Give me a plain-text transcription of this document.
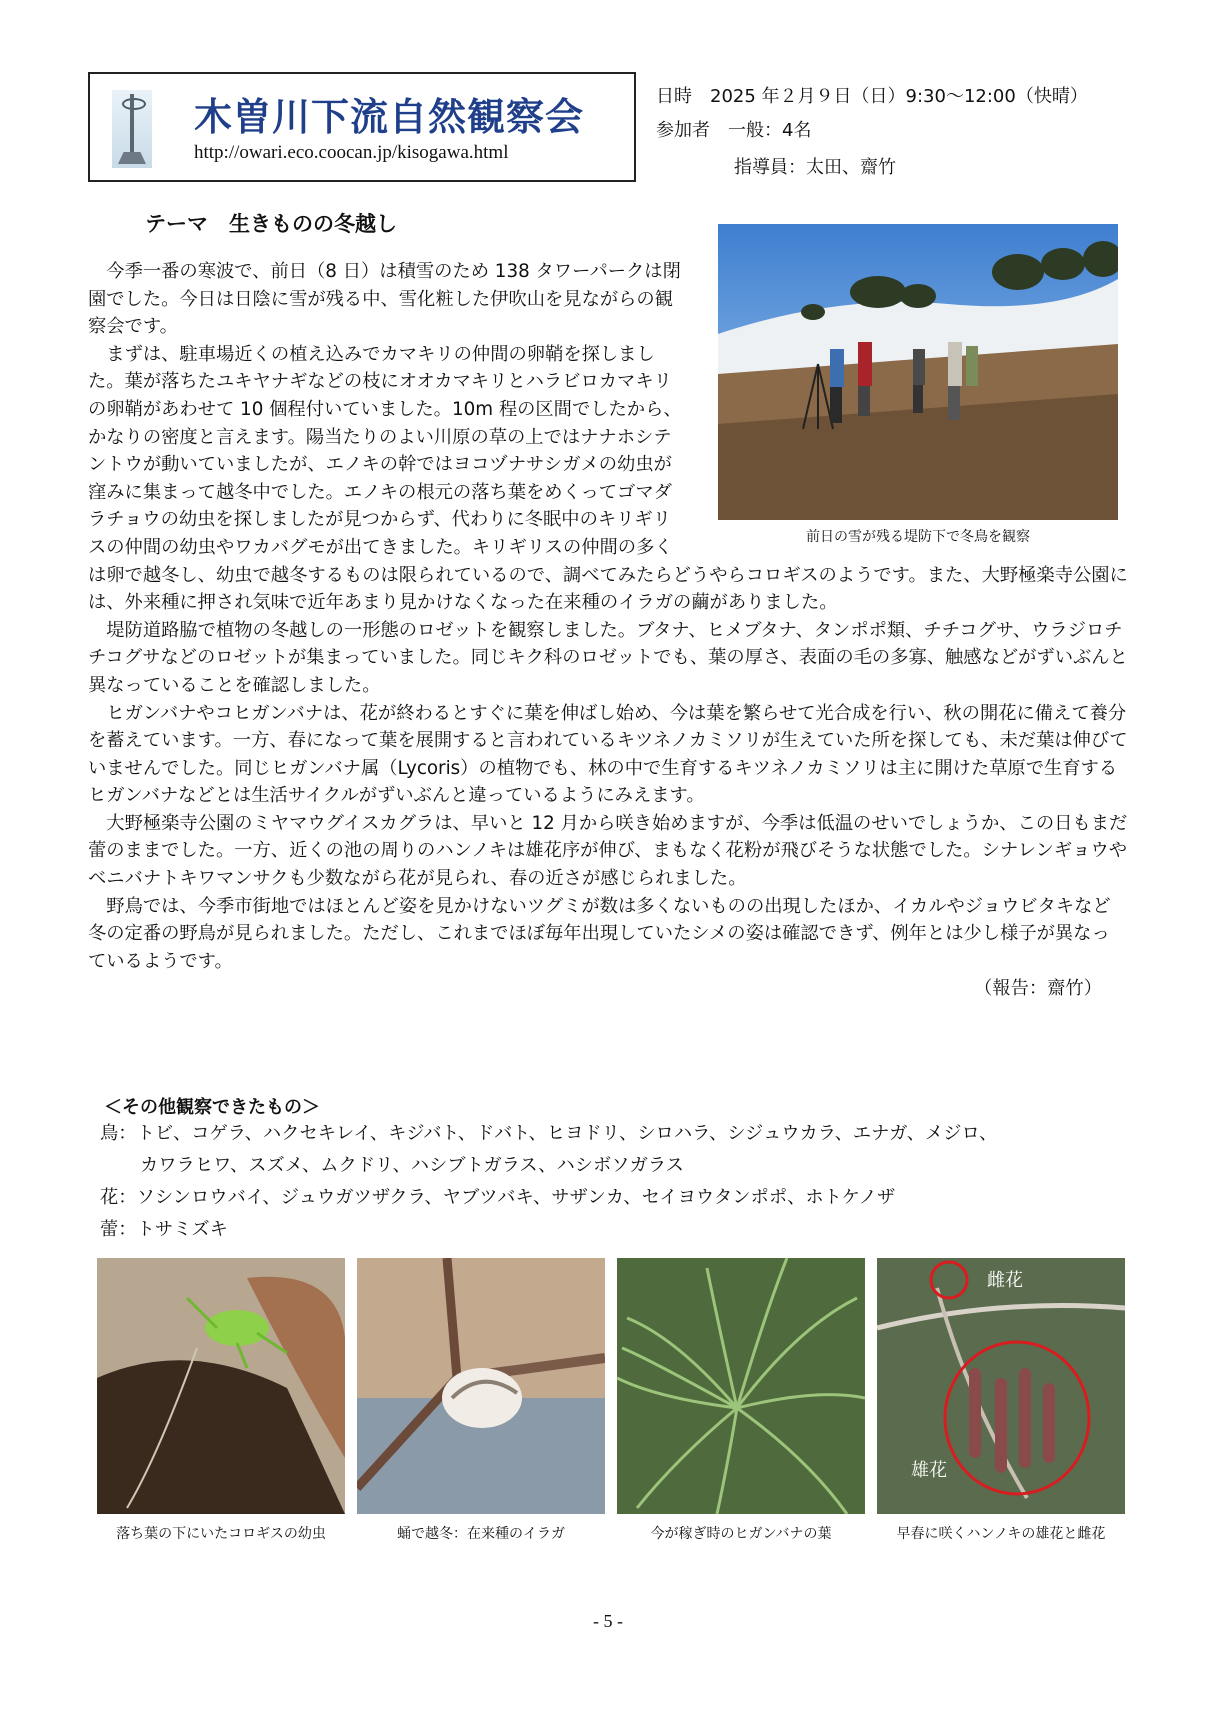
木曽川下流自然観察会
http://owari.eco.coocan.jp/kisogawa.html
日時　2025 年２月９日（日）9:30～12:00（快晴）
参加者　一般：4名
指導員：太田、齋竹
テーマ　生きものの冬越し
前日の雪が残る堤防下で冬鳥を観察

今季一番の寒波で、前日（8 日）は積雪のため 138 タワーパークは閉園でした。今日は日陰に雪が残る中、雪化粧した伊吹山を見ながらの観察会です。

まずは、駐車場近くの植え込みでカマキリの仲間の卵鞘を探しました。葉が落ちたユキヤナギなどの枝にオオカマキリとハラビロカマキリの卵鞘があわせて 10 個程付いていました。10m 程の区間でしたから、かなりの密度と言えます。陽当たりのよい川原の草の上ではナナホシテントウが動いていましたが、エノキの幹ではヨコヅナサシガメの幼虫が窪みに集まって越冬中でした。エノキの根元の落ち葉をめくってゴマダラチョウの幼虫を探しましたが見つからず、代わりに冬眠中のキリギリスの仲間の幼虫やワカバグモが出てきました。キリギリスの仲間の多くは卵で越冬し、幼虫で越冬するものは限られているので、調べてみたらどうやらコロギスのようです。また、大野極楽寺公園には、外来種に押され気味で近年あまり見かけなくなった在来種のイラガの繭がありました。

堤防道路脇で植物の冬越しの一形態のロゼットを観察しました。ブタナ、ヒメブタナ、タンポポ類、チチコグサ、ウラジロチチコグサなどのロゼットが集まっていました。同じキク科のロゼットでも、葉の厚さ、表面の毛の多寡、触感などがずいぶんと異なっていることを確認しました。

ヒガンバナやコヒガンバナは、花が終わるとすぐに葉を伸ばし始め、今は葉を繁らせて光合成を行い、秋の開花に備えて養分を蓄えています。一方、春になって葉を展開すると言われているキツネノカミソリが生えていた所を探しても、未だ葉は伸びていませんでした。同じヒガンバナ属（Lycoris）の植物でも、林の中で生育するキツネノカミソリは主に開けた草原で生育するヒガンバナなどとは生活サイクルがずいぶんと違っているようにみえます。

大野極楽寺公園のミヤマウグイスカグラは、早いと 12 月から咲き始めますが、今季は低温のせいでしょうか、この日もまだ蕾のままでした。一方、近くの池の周りのハンノキは雄花序が伸び、まもなく花粉が飛びそうな状態でした。シナレンギョウやベニバナトキワマンサクも少数ながら花が見られ、春の近さが感じられました。

野鳥では、今季市街地ではほとんど姿を見かけないツグミが数は多くないものの出現したほか、イカルやジョウビタキなど冬の定番の野鳥が見られました。ただし、これまでほぼ毎年出現していたシメの姿は確認できず、例年とは少し様子が異なっているようです。

（報告：齋竹）
＜その他観察できたもの＞
鳥：トビ、コゲラ、ハクセキレイ、キジバト、ドバト、ヒヨドリ、シロハラ、シジュウカラ、エナガ、メジロ、
カワラヒワ、スズメ、ムクドリ、ハシブトガラス、ハシボソガラス
花：ソシンロウバイ、ジュウガツザクラ、ヤブツバキ、サザンカ、セイヨウタンポポ、ホトケノザ
蕾：トサミズキ
雌花
雄花
落ち葉の下にいたコロギスの幼虫	蛹で越冬：在来種のイラガ	今が稼ぎ時のヒガンバナの葉	早春に咲くハンノキの雄花と雌花
- 5 -
